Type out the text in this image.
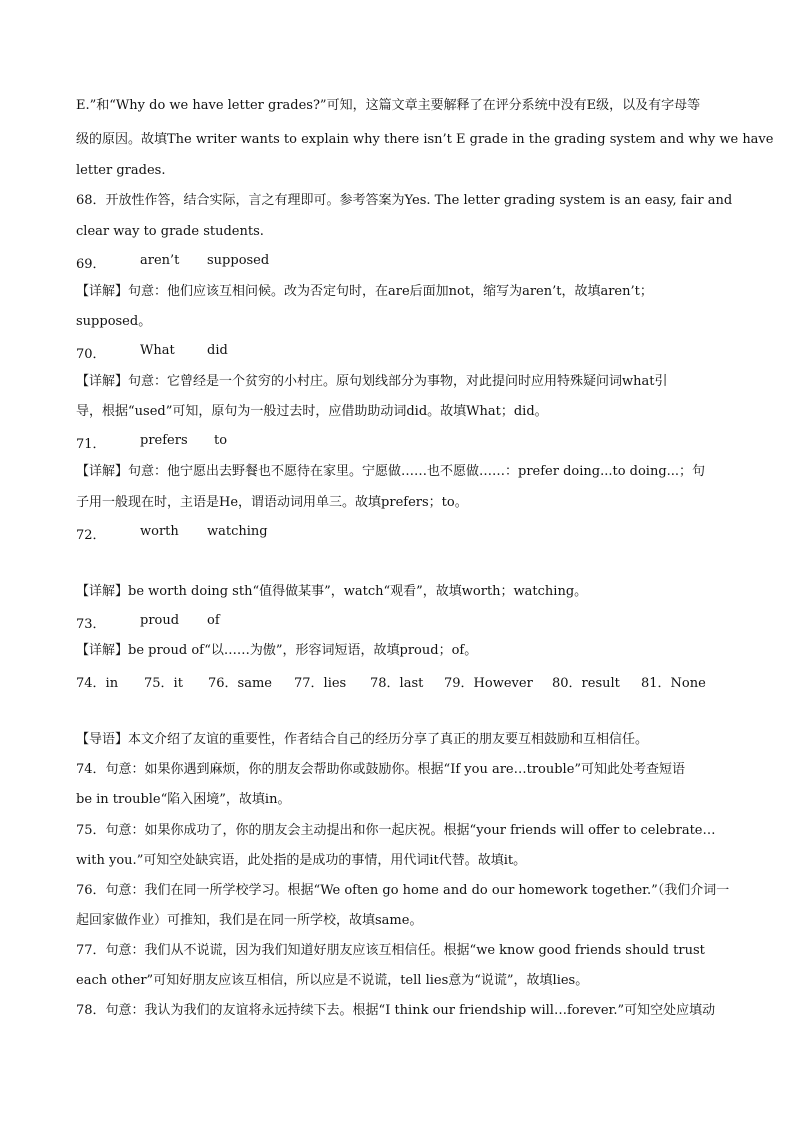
E.”和“Why do we have letter grades?”可知，这篇文章主要解释了在评分系统中没有E级，以及有字母等
级的原因。故填The writer wants to explain why there isn’t E grade in the grading system and why we have
letter grades.
68．开放性作答，结合实际，言之有理即可。参考答案为Yes. The letter grading system is an easy, fair and
clear way to grade students.
69．	aren’t supposed
【详解】句意：他们应该互相问候。改为否定句时，在are后面加not，缩写为aren’t，故填aren’t；
supposed。
70．	What did
【详解】句意：它曾经是一个贫穷的小村庄。原句划线部分为事物，对此提问时应用特殊疑问词what引
导，根据“used”可知，原句为一般过去时，应借助助动词did。故填What；did。
71．	prefers to
【详解】句意：他宁愿出去野餐也不愿待在家里。宁愿做……也不愿做……：prefer doing...to doing...；句
子用一般现在时，主语是He，谓语动词用单三。故填prefers；to。
72．	worth watching
【详解】be worth doing sth“值得做某事”，watch“观看”，故填worth；watching。
73．	proud of
【详解】be proud of“以……为傲”，形容词短语，故填proud；of。
74．in 75．it 76．same 77．lies 78．last 79．However 80．result 81．None
【导语】本文介绍了友谊的重要性，作者结合自己的经历分享了真正的朋友要互相鼓励和互相信任。
74．句意：如果你遇到麻烦，你的朋友会帮助你或鼓励你。根据“If you are…trouble”可知此处考查短语
be in trouble“陷入困境”，故填in。
75．句意：如果你成功了，你的朋友会主动提出和你一起庆祝。根据“your friends will offer to celebrate…
with you.”可知空处缺宾语，此处指的是成功的事情，用代词it代替。故填it。
76．句意：我们在同一所学校学习。根据“We often go home and do our homework together.”（我们介词一
起回家做作业）可推知，我们是在同一所学校，故填same。
77．句意：我们从不说谎，因为我们知道好朋友应该互相信任。根据“we know good friends should trust
each other”可知好朋友应该互相信，所以应是不说谎，tell lies意为“说谎”，故填lies。
78．句意：我认为我们的友谊将永远持续下去。根据“I think our friendship will…forever.”可知空处应填动
